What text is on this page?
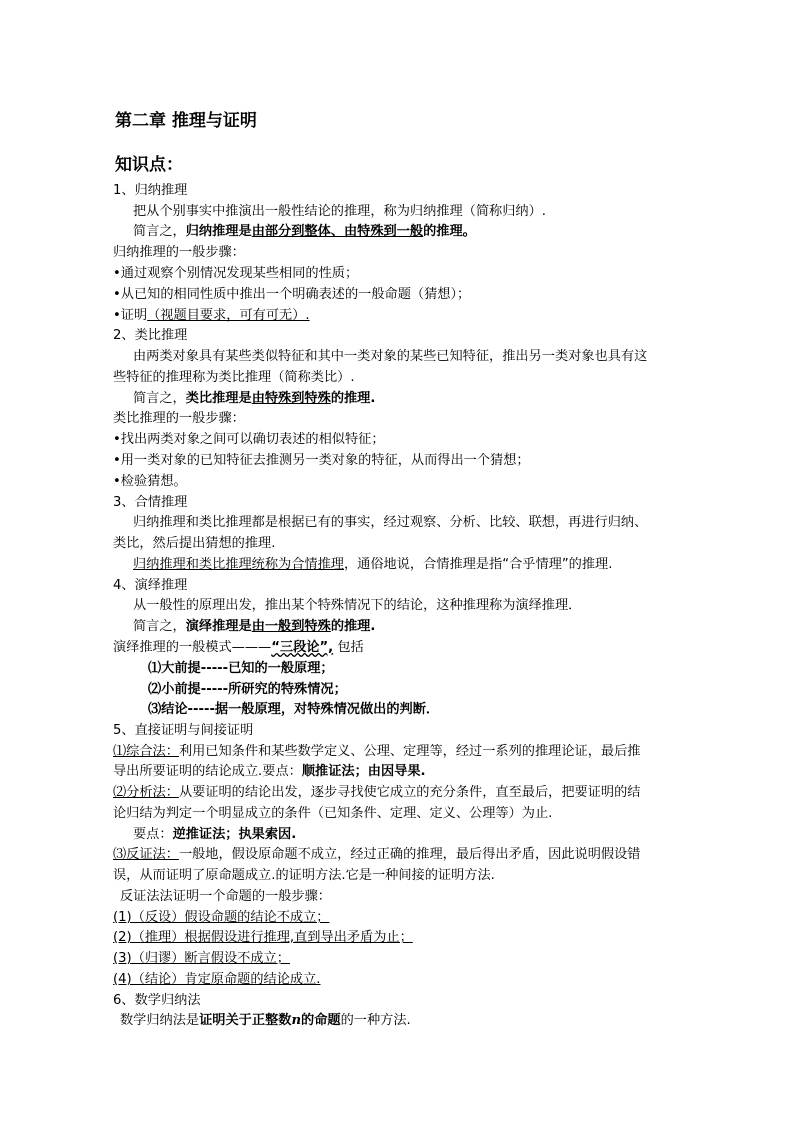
第二章 推理与证明
知识点：
1、归纳推理
把从个别事实中推演出一般性结论的推理，称为归纳推理（简称归纳）.
简言之，归纳推理是由部分到整体、由特殊到一般的推理。
归纳推理的一般步骤：
•通过观察个别情况发现某些相同的性质；
•从已知的相同性质中推出一个明确表述的一般命题（猜想）；
•证明（视题目要求，可有可无）.
2、类比推理
由两类对象具有某些类似特征和其中一类对象的某些已知特征，推出另一类对象也具有这
些特征的推理称为类比推理（简称类比）.
简言之，类比推理是由特殊到特殊的推理.
类比推理的一般步骤：
•找出两类对象之间可以确切表述的相似特征；
•用一类对象的已知特征去推测另一类对象的特征，从而得出一个猜想；
•检验猜想。
3、合情推理
归纳推理和类比推理都是根据已有的事实，经过观察、分析、比较、联想，再进行归纳、
类比，然后提出猜想的推理.
归纳推理和类比推理统称为合情推理，通俗地说，合情推理是指“合乎情理”的推理.
4、演绎推理
从一般性的原理出发，推出某个特殊情况下的结论，这种推理称为演绎推理．
简言之，演绎推理是由一般到特殊的推理.
演绎推理的一般模式———“三段论”, 包括
⑴大前提-----已知的一般原理；
⑵小前提-----所研究的特殊情况；
⑶结论-----据一般原理，对特殊情况做出的判断．
5、直接证明与间接证明
⑴综合法：利用已知条件和某些数学定义、公理、定理等，经过一系列的推理论证，最后推
导出所要证明的结论成立.要点：顺推证法；由因导果.
⑵分析法：从要证明的结论出发，逐步寻找使它成立的充分条件，直至最后，把要证明的结
论归结为判定一个明显成立的条件（已知条件、定理、定义、公理等）为止.
要点：逆推证法；执果索因.
⑶反证法：一般地，假设原命题不成立，经过正确的推理，最后得出矛盾，因此说明假设错
误，从而证明了原命题成立.的证明方法.它是一种间接的证明方法.
反证法法证明一个命题的一般步骤：
(1)（反设）假设命题的结论不成立；
(2)（推理）根据假设进行推理,直到导出矛盾为止；
(3)（归谬）断言假设不成立；
(4)（结论）肯定原命题的结论成立.
6、数学归纳法
数学归纳法是证明关于正整数n的命题的一种方法.
